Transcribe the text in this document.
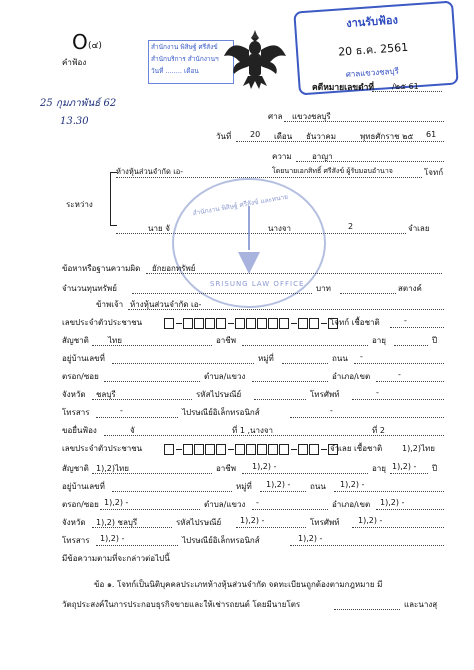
O (๔)
คำฟ้อง
สำนักงาน พิสิษฐ์ ศรีสังข์
สำนักบริการ สำนักงานฯ
วันที่ ........ เดือน
งานรับฟ้อง
20 ธ.ค. 2561
ศาลแขวงชลบุรี
คดีหมายเลขดำที่ /๒๕ 61
25 กุมภาพันธ์ 62
13.30	ศาล แขวงชลบุรี
วันที่ 20 เดือน ธันวาคม	พุทธศักราช ๒๕ 61
ความ	อาญา
ระหว่าง
ห้างหุ้นส่วนจำกัด เอ-	โดยนายเอกสิทธิ์ ศรีสังข์ ผู้รับมอบอำนาจ	โจทก์
นาย จั	นางจา	2	จำเลย
สำนักงาน พิสิษฐ์ ศรีสังข์ และทนาย
SRISUNG LAW OFFICE
ข้อหาหรือฐานความผิด ยักยอกทรัพย์
จำนวนทุนทรัพย์	บาท	สตางค์
ข้าพเจ้า ห้างหุ้นส่วนจำกัด เอ-
เลขประจำตัวประชาชน	โจทก์ เชื้อชาติ	-
สัญชาติ ไทย	อาชีพ	อายุ	ปี
อยู่บ้านเลขที่	หมู่ที่	ถนน -
ตรอก/ซอย	ตำบล/แขวง	อำเภอ/เขต	-
จังหวัด ชลบุรี	รหัสไปรษณีย์	โทรศัพท์	-
โทรสาร	-	ไปรษณีย์อิเล็กทรอนิกส์	-
ขอยื่นฟ้อง	จั	ที่ 1 ,นางจา	ที่ 2
เลขประจำตัวประชาชน	จำเลย เชื้อชาติ 1),2)ไทย
สัญชาติ 1),2)ไทย	อาชีพ 1),2) -	อายุ 1),2) - ปี
อยู่บ้านเลขที่	หมู่ที่ 1),2) - ถนน 1),2) -
ตรอก/ซอย 1),2) -	ตำบล/แขวง -	อำเภอ/เขต 1),2) -
จังหวัด 1),2) ชลบุรี	รหัสไปรษณีย์ 1),2) -	โทรศัพท์ 1),2) -
โทรสาร 1),2) -	ไปรษณีย์อิเล็กทรอนิกส์	1),2) -
มีข้อความตามที่จะกล่าวต่อไปนี้
ข้อ ๑. โจทก์เป็นนิติบุคคลประเภทห้างหุ้นส่วนจำกัด จดทะเบียนถูกต้องตามกฎหมาย มี
วัตถุประสงค์ในการประกอบธุรกิจขายและให้เช่ารถยนต์ โดยมีนายโตร	และนางสุ
